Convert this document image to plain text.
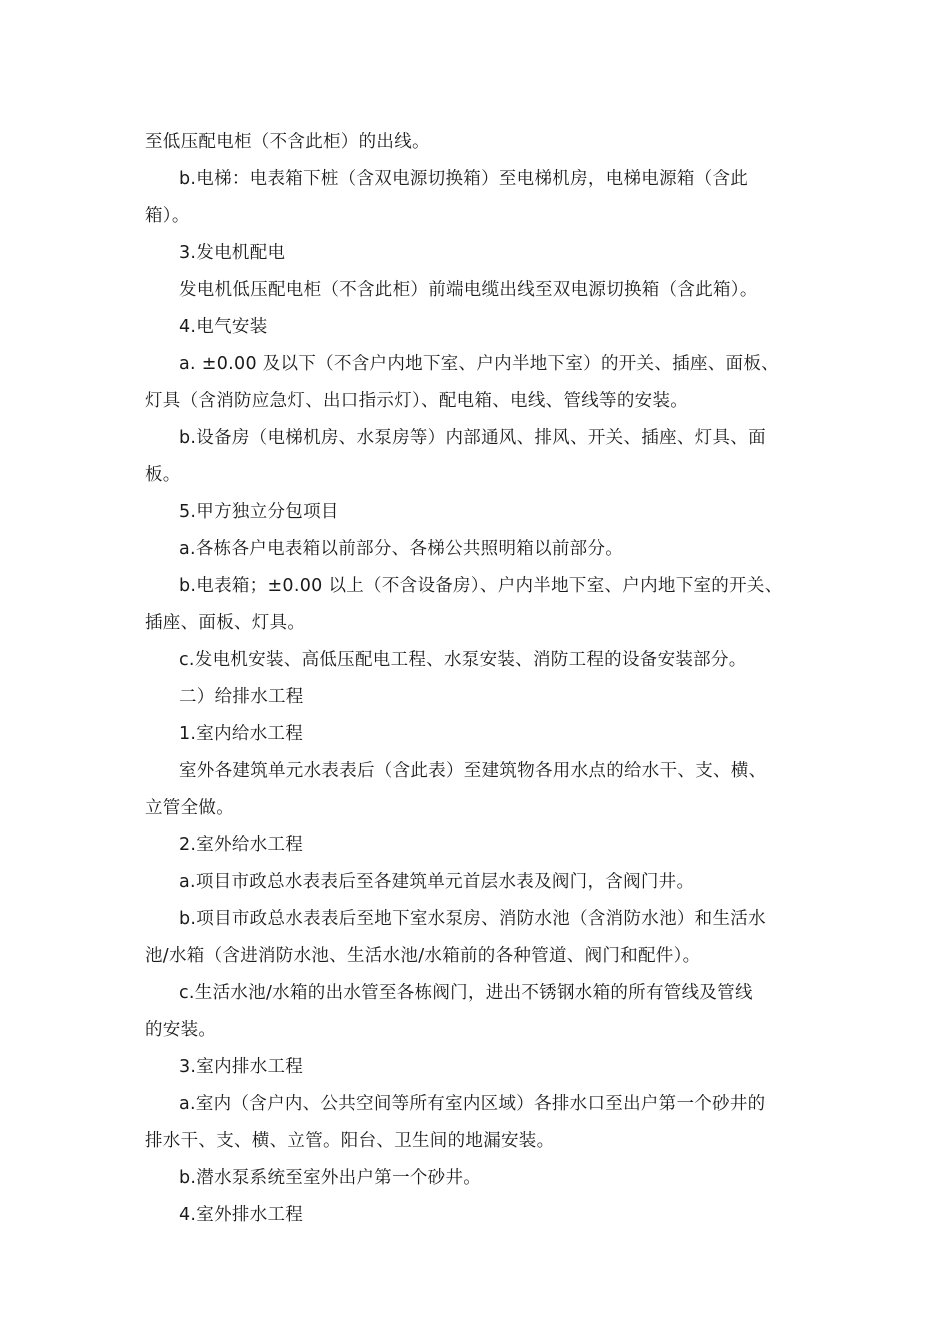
至低压配电柜（不含此柜）的出线。
b.电梯：电表箱下桩（含双电源切换箱）至电梯机房，电梯电源箱（含此
箱）。
3.发电机配电
发电机低压配电柜（不含此柜）前端电缆出线至双电源切换箱（含此箱）。
4.电气安装
a. ±0.00 及以下（不含户内地下室、户内半地下室）的开关、插座、面板、
灯具（含消防应急灯、出口指示灯）、配电箱、电线、管线等的安装。
b.设备房（电梯机房、水泵房等）内部通风、排风、开关、插座、灯具、面
板。
5.甲方独立分包项目
a.各栋各户电表箱以前部分、各梯公共照明箱以前部分。
b.电表箱；±0.00 以上（不含设备房）、户内半地下室、户内地下室的开关、
插座、面板、灯具。
c.发电机安装、高低压配电工程、水泵安装、消防工程的设备安装部分。
二）给排水工程
1.室内给水工程
室外各建筑单元水表表后（含此表）至建筑物各用水点的给水干、支、横、
立管全做。
2.室外给水工程
a.项目市政总水表表后至各建筑单元首层水表及阀门，含阀门井。
b.项目市政总水表表后至地下室水泵房、消防水池（含消防水池）和生活水
池/水箱（含进消防水池、生活水池/水箱前的各种管道、阀门和配件）。
c.生活水池/水箱的出水管至各栋阀门，进出不锈钢水箱的所有管线及管线
的安装。
3.室内排水工程
a.室内（含户内、公共空间等所有室内区域）各排水口至出户第一个砂井的
排水干、支、横、立管。阳台、卫生间的地漏安装。
b.潜水泵系统至室外出户第一个砂井。
4.室外排水工程
